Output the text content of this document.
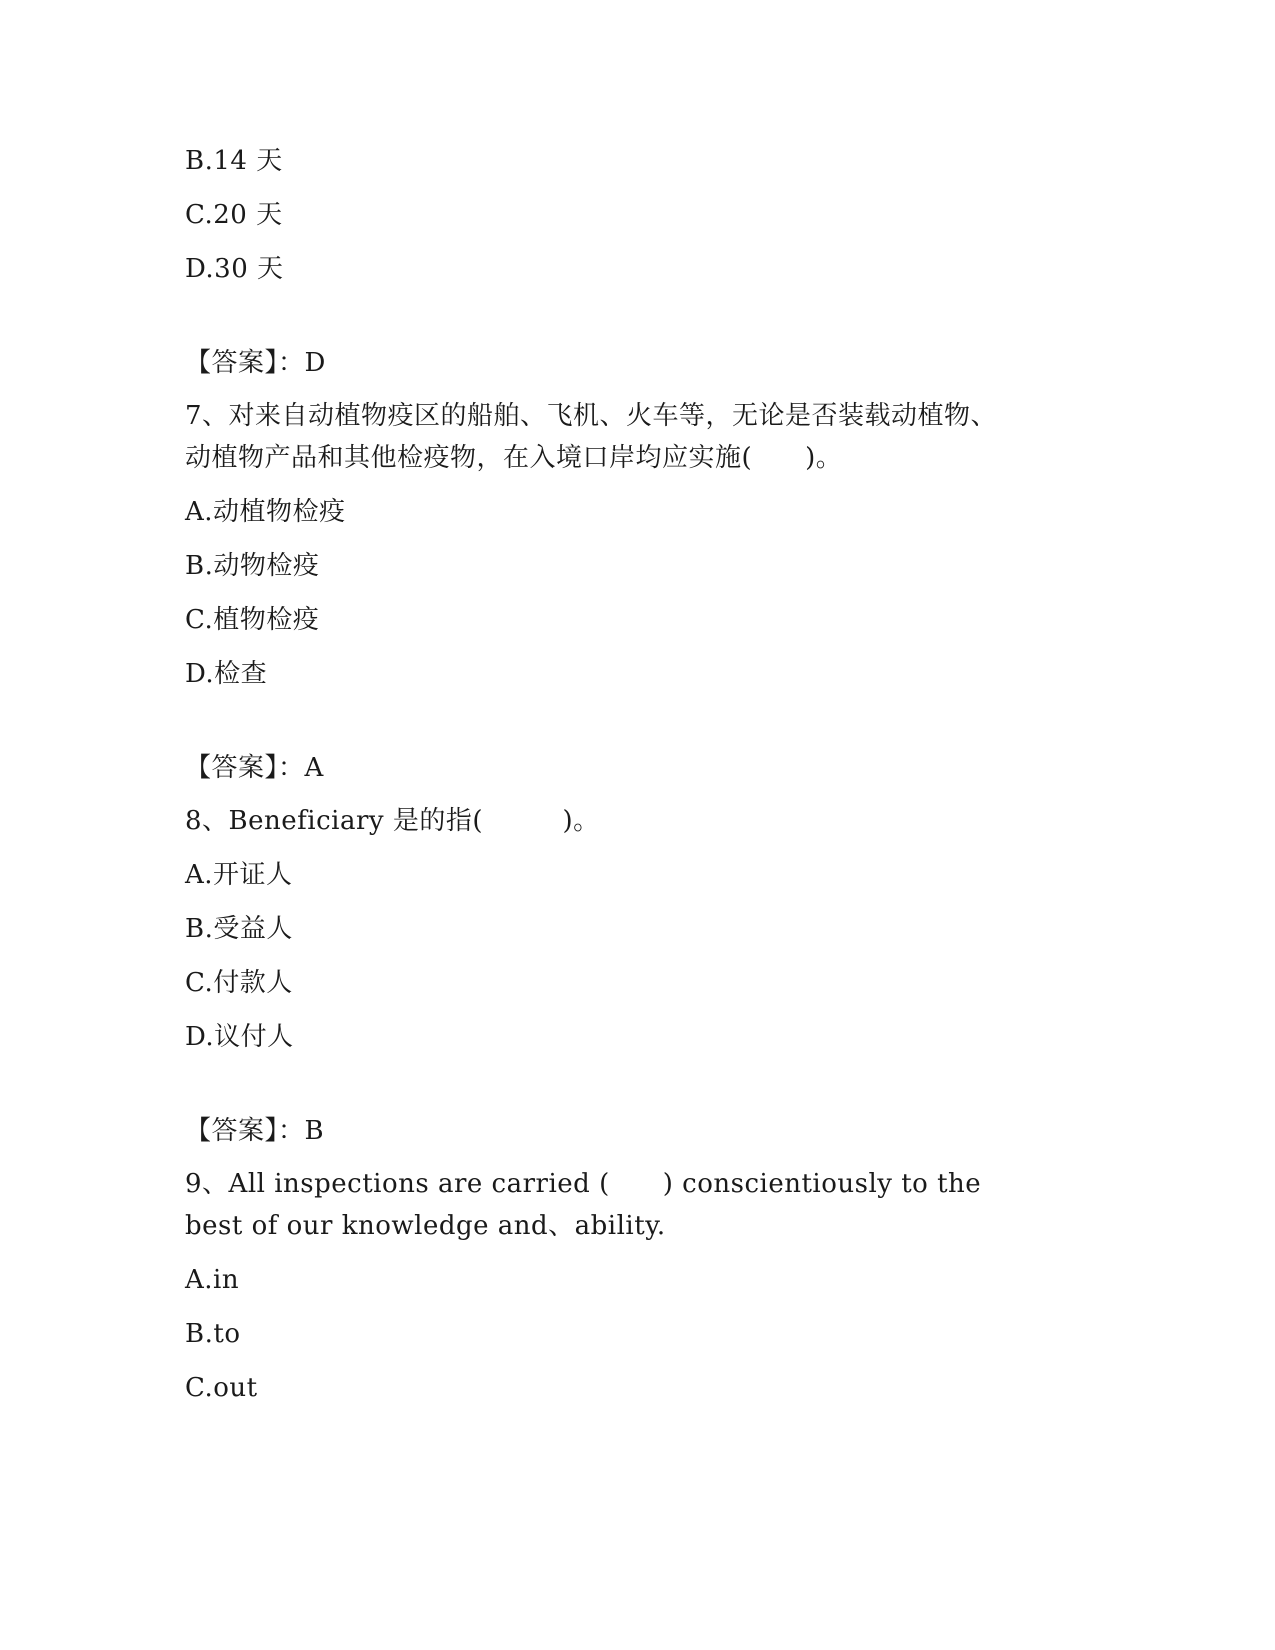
B.14 天
C.20 天
D.30 天
【答案】：D
7、对来自动植物疫区的船舶、飞机、火车等，无论是否装载动植物、
动植物产品和其他检疫物，在入境口岸均应实施(　　)。
A.动植物检疫
B.动物检疫
C.植物检疫
D.检查
【答案】：A
8、Beneficiary 是的指(　　　)。
A.开证人
B.受益人
C.付款人
D.议付人
【答案】：B
9、All inspections are carried (　　) conscientiously to the
best of our knowledge and、ability.
A.in
B.to
C.out
